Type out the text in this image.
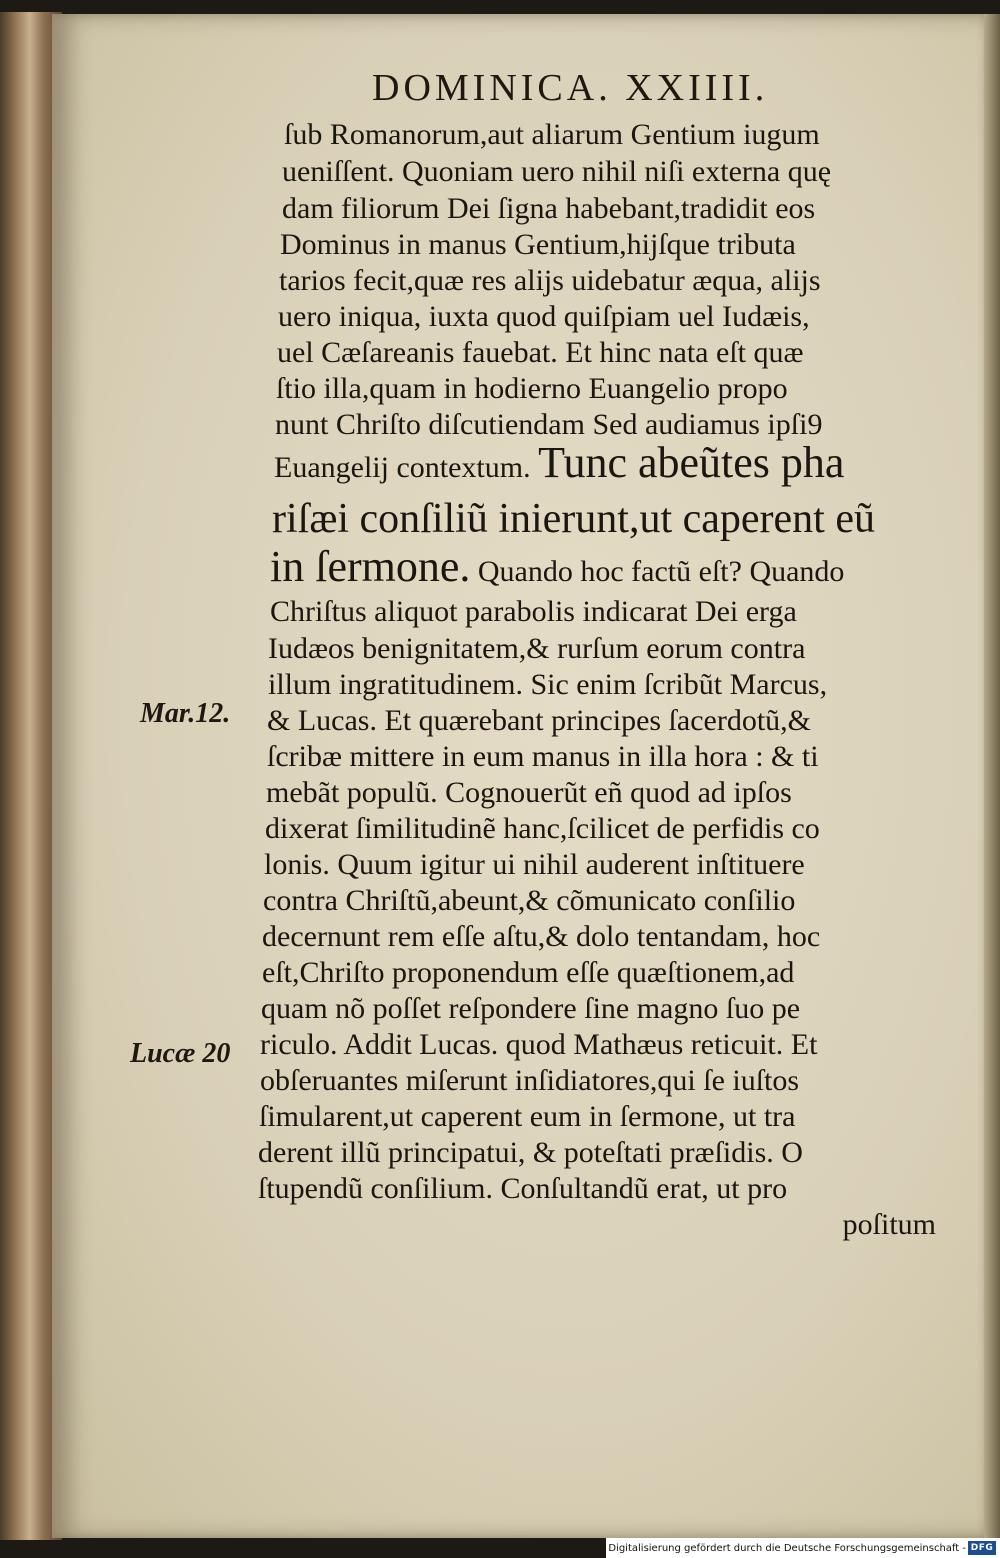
DOMINICA. XXIIII.
ſub Romanorum,aut aliarum Gentium iugum
ueniſſent. Quoniam uero nihil niſi externa quę
dam filiorum Dei ſigna habebant,tradidit eos
Dominus in manus Gentium,hijſque tributa
tarios fecit,quæ res alijs uidebatur æqua, alijs
uero iniqua, iuxta quod quiſpiam uel Iudæis,
uel Cæſareanis fauebat. Et hinc nata eſt quæ
ſtio illa,quam in hodierno Euangelio propo
nunt Chriſto diſcutiendam Sed audiamus ipſi9
Euangelij contextum. Tunc abeũtes pha
riſæi conſiliũ inierunt,ut caperent eũ
in ſermone. Quando hoc factũ eſt? Quando
Chriſtus aliquot parabolis indicarat Dei erga
Iudæos benignitatem,& rurſum eorum contra
illum ingratitudinem. Sic enim ſcribũt Marcus,
& Lucas. Et quærebant principes ſacerdotũ,&
ſcribæ mittere in eum manus in illa hora : & ti
mebãt populũ. Cognouerũt eñ quod ad ipſos
dixerat ſimilitudinẽ hanc,ſcilicet de perfidis co
lonis. Quum igitur ui nihil auderent inſtituere
contra Chriſtũ,abeunt,& cõmunicato conſilio
decernunt rem eſſe aſtu,& dolo tentandam, hoc
eſt,Chriſto proponendum eſſe quæſtionem,ad
quam nõ poſſet reſpondere ſine magno ſuo pe
riculo. Addit Lucas. quod Mathæus reticuit. Et
obſeruantes miſerunt inſidiatores,qui ſe iuſtos
ſimularent,ut caperent eum in ſermone, ut tra
derent illũ principatui, & poteſtati præſidis. O
ſtupendũ conſilium. Conſultandũ erat, ut pro
poſitum
Mar.12.
Lucæ 20
Digitalisierung gefördert durch die Deutsche Forschungsgemeinschaft - DFG
